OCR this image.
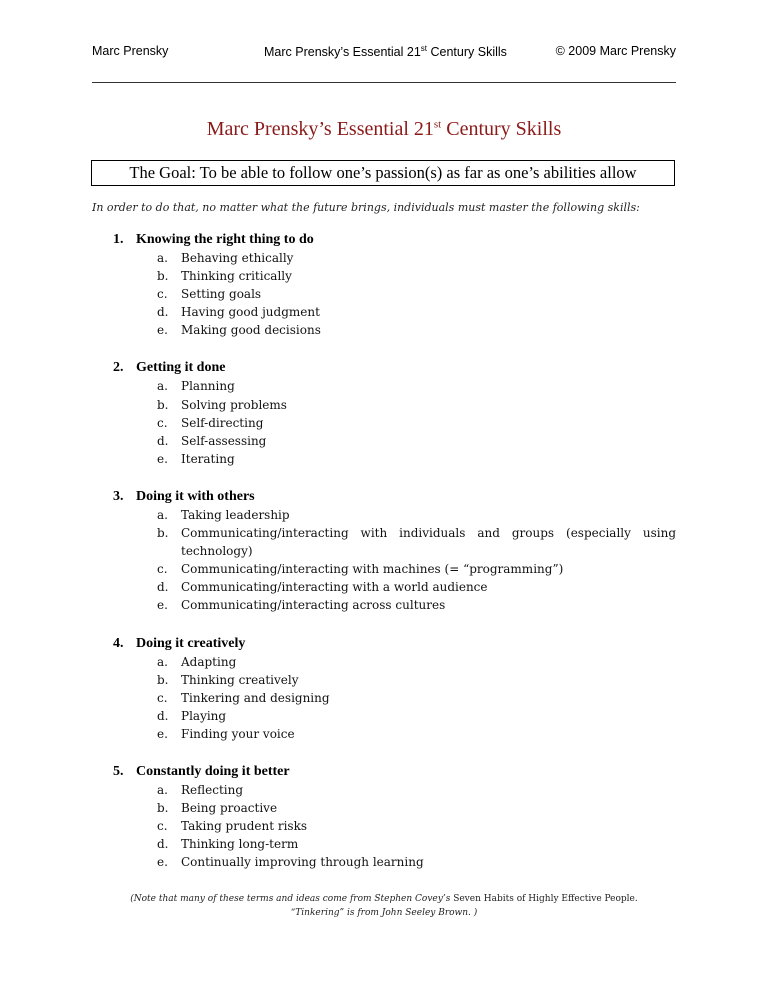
Marc Prensky	Marc Prensky’s Essential 21st Century Skills	© 2009 Marc Prensky
Marc Prensky’s Essential 21st Century Skills
The Goal: To be able to follow one’s passion(s) as far as one’s abilities allow
In order to do that, no matter what the future brings, individuals must master the following skills:
1. Knowing the right thing to do
a. Behaving ethically
b. Thinking critically
c. Setting goals
d. Having good judgment
e. Making good decisions
2. Getting it done
a. Planning
b. Solving problems
c. Self-directing
d. Self-assessing
e. Iterating
3. Doing it with others
a. Taking leadership
b. Communicating/interacting with individuals and groups (especially using technology)
c. Communicating/interacting with machines (= “programming”)
d. Communicating/interacting with a world audience
e. Communicating/interacting across cultures
4. Doing it creatively
a. Adapting
b. Thinking creatively
c. Tinkering and designing
d. Playing
e. Finding your voice
5. Constantly doing it better
a. Reflecting
b. Being proactive
c. Taking prudent risks
d. Thinking long-term
e. Continually improving through learning
(Note that many of these terms and ideas come from Stephen Covey’s Seven Habits of Highly Effective People.
“Tinkering” is from John Seeley Brown. )
